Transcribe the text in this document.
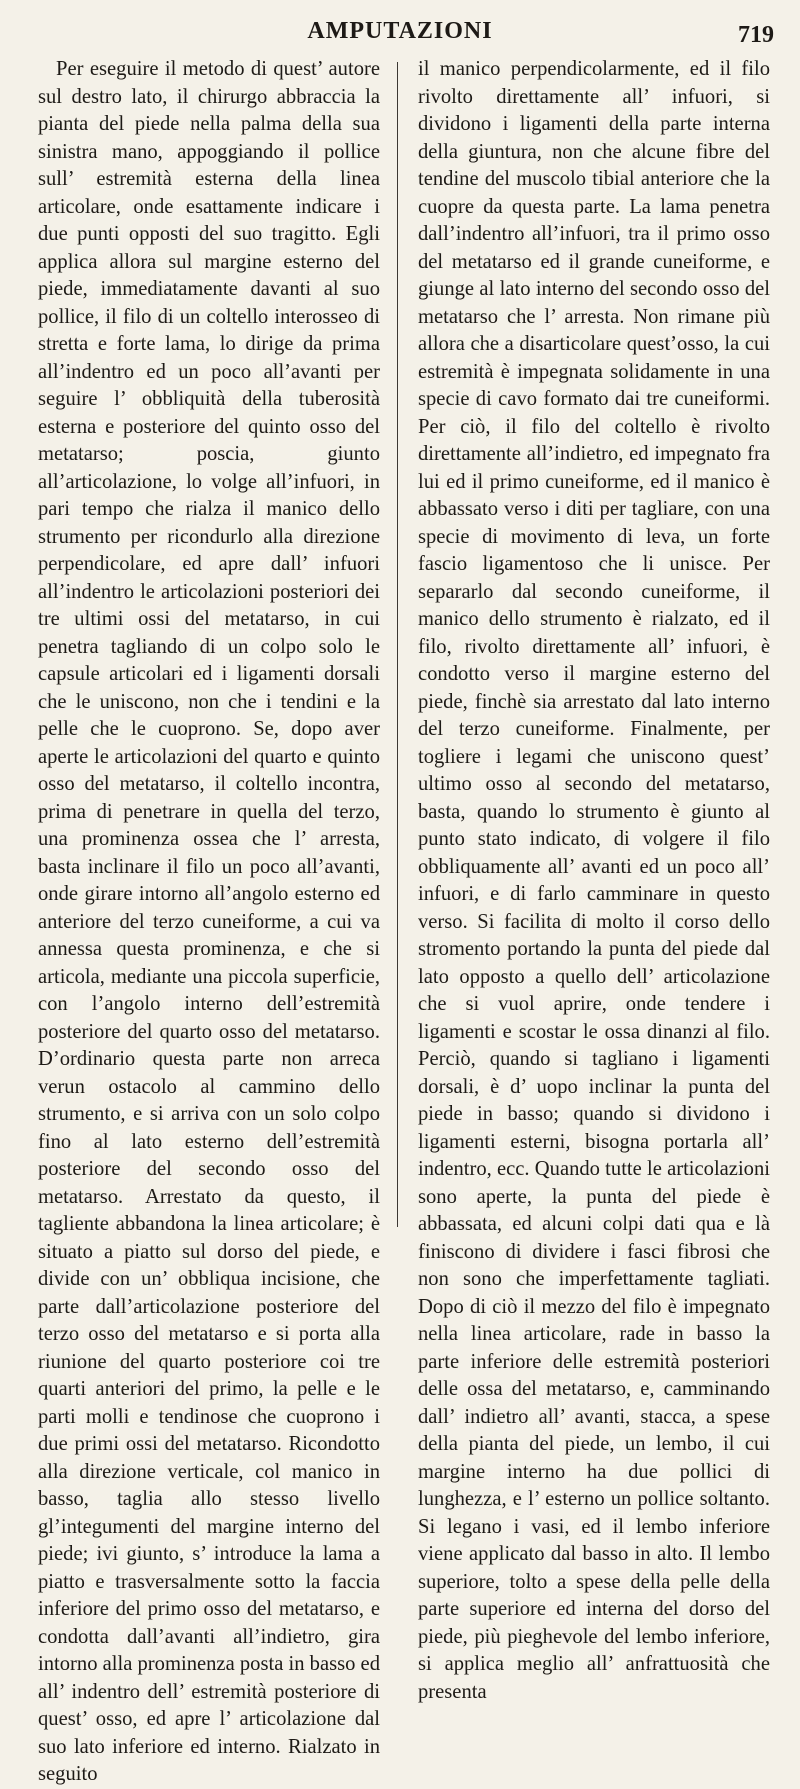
AMPUTAZIONI	719

Per eseguire il metodo di quest’ autore sul destro lato, il chirurgo abbraccia la pianta del piede nella palma della sua sinistra mano, appoggiando il pollice sull’ estremità esterna della linea articolare, onde esattamente indicare i due punti opposti del suo tragitto. Egli applica allora sul margine esterno del piede, immediatamente davanti al suo pollice, il filo di un coltello interosseo di stretta e forte lama, lo dirige da prima all’indentro ed un poco all’avanti per seguire l’ obbliquità della tuberosità esterna e posteriore del quinto osso del metatarso; poscia, giunto all’articolazione, lo volge all’infuori, in pari tempo che rialza il manico dello strumento per ricondurlo alla direzione perpendicolare, ed apre dall’ infuori all’indentro le articolazioni posteriori dei tre ultimi ossi del metatarso, in cui penetra tagliando di un colpo solo le capsule articolari ed i ligamenti dorsali che le uniscono, non che i tendini e la pelle che le cuoprono. Se, dopo aver aperte le articolazioni del quarto e quinto osso del metatarso, il coltello incontra, prima di penetrare in quella del terzo, una prominenza ossea che l’ arresta, basta inclinare il filo un poco all’avanti, onde girare intorno all’angolo esterno ed anteriore del terzo cuneiforme, a cui va annessa questa prominenza, e che si articola, mediante una piccola superficie, con l’angolo interno dell’estremità posteriore del quarto osso del metatarso. D’ordinario questa parte non arreca verun ostacolo al cammino dello strumento, e si arriva con un solo colpo fino al lato esterno dell’estremità posteriore del secondo osso del metatarso. Arrestato da questo, il tagliente abbandona la linea articolare; è situato a piatto sul dorso del piede, e divide con un’ obbliqua incisione, che parte dall’articolazione posteriore del terzo osso del metatarso e si porta alla riunione del quarto posteriore coi tre quarti anteriori del primo, la pelle e le parti molli e tendinose che cuoprono i due primi ossi del metatarso. Ricondotto alla direzione verticale, col manico in basso, taglia allo stesso livello gl’integumenti del margine interno del piede; ivi giunto, s’ introduce la lama a piatto e trasversalmente sotto la faccia inferiore del primo osso del metatarso, e condotta dall’avanti all’indietro, gira intorno alla prominenza posta in basso ed all’ indentro dell’ estremità posteriore di quest’ osso, ed apre l’ articolazione dal suo lato inferiore ed interno. Rialzato in seguito

il manico perpendicolarmente, ed il filo rivolto direttamente all’ infuori, si dividono i ligamenti della parte interna della giuntura, non che alcune fibre del tendine del muscolo tibial anteriore che la cuopre da questa parte. La lama penetra dall’indentro all’infuori, tra il primo osso del metatarso ed il grande cuneiforme, e giunge al lato interno del secondo osso del metatarso che l’ arresta. Non rimane più allora che a disarticolare quest’osso, la cui estremità è impegnata solidamente in una specie di cavo formato dai tre cuneiformi. Per ciò, il filo del coltello è rivolto direttamente all’indietro, ed impegnato fra lui ed il primo cuneiforme, ed il manico è abbassato verso i diti per tagliare, con una specie di movimento di leva, un forte fascio ligamentoso che li unisce. Per separarlo dal secondo cuneiforme, il manico dello strumento è rialzato, ed il filo, rivolto direttamente all’ infuori, è condotto verso il margine esterno del piede, finchè sia arrestato dal lato interno del terzo cuneiforme. Finalmente, per togliere i legami che uniscono quest’ ultimo osso al secondo del metatarso, basta, quando lo strumento è giunto al punto stato indicato, di volgere il filo obbliquamente all’ avanti ed un poco all’ infuori, e di farlo camminare in questo verso. Si facilita di molto il corso dello stromento portando la punta del piede dal lato opposto a quello dell’ articolazione che si vuol aprire, onde tendere i ligamenti e scostar le ossa dinanzi al filo. Perciò, quando si tagliano i ligamenti dorsali, è d’ uopo inclinar la punta del piede in basso; quando si dividono i ligamenti esterni, bisogna portarla all’ indentro, ecc. Quando tutte le articolazioni sono aperte, la punta del piede è abbassata, ed alcuni colpi dati qua e là finiscono di dividere i fasci fibrosi che non sono che imperfettamente tagliati. Dopo di ciò il mezzo del filo è impegnato nella linea articolare, rade in basso la parte inferiore delle estremità posteriori delle ossa del metatarso, e, camminando dall’ indietro all’ avanti, stacca, a spese della pianta del piede, un lembo, il cui margine interno ha due pollici di lunghezza, e l’ esterno un pollice soltanto. Si legano i vasi, ed il lembo inferiore viene applicato dal basso in alto. Il lembo superiore, tolto a spese della pelle della parte superiore ed interna del dorso del piede, più pieghevole del lembo inferiore, si applica meglio all’ anfrattuosità che presenta
